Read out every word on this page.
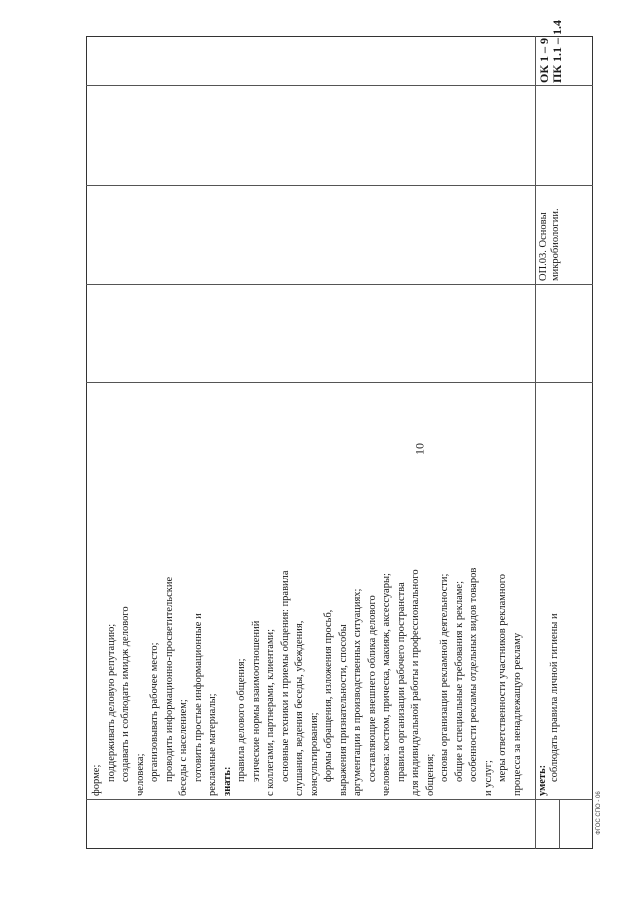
10
ФГОС СПО - 06
форме; поддерживать деловую репутацию; создавать и соблюдать имидж делового человека; организовывать рабочее место; проводить информационно-просветительские беседы с населением; готовить простые информационные и рекламные материалы; знать: правила делового общения; этические нормы взаимоотношений с коллегами, партнерами, клиентами; основные техники и приемы общения: правила слушания, ведения беседы, убеждения, консультирования; формы обращения, изложения просьб, выражения признательности, способы аргументации в производственных ситуациях; составляющие внешнего облика делового человека: костюм, прическа, макияж, аксессуары; правила организации рабочего пространства для индивидуальной работы и профессионального общения; основы организации рекламной деятельности; общие и специальные требования к рекламе; особенности рекламы отдельных видов товаров и услуг; меры ответственности участников рекламного процесса за ненадлежащую рекламу уметь: соблюдать правила личной гигиены и
ОП.03. Основы микробиологии.
ОК 1 – 9 ПК 1.1 – 1.4
